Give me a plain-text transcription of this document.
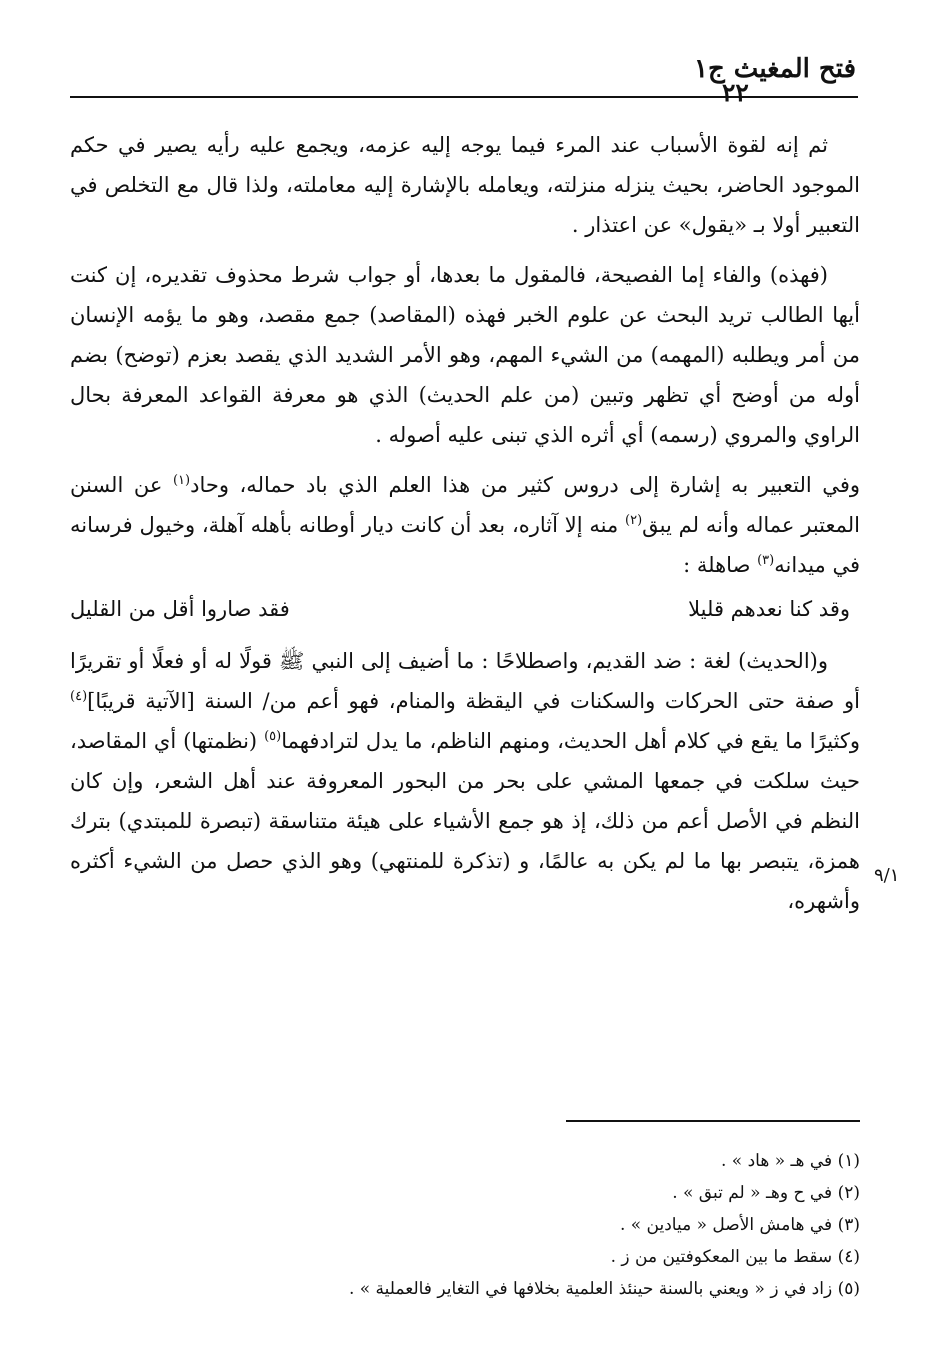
فتح المغيث ج١
٢٢

ثم إنه لقوة الأسباب عند المرء فيما يوجه إليه عزمه، ويجمع عليه رأيه يصير في حكم الموجود الحاضر، بحيث ينزله منزلته، ويعامله بالإشارة إليه معاملته، ولذا قال مع التخلص في التعبير أولا بـ «يقول» عن اعتذار .

(فهذه) والفاء إما الفصيحة، فالمقول ما بعدها، أو جواب شرط محذوف تقديره، إن كنت أيها الطالب تريد البحث عن علوم الخبر فهذه (المقاصد) جمع مقصد، وهو ما يؤمه الإنسان من أمر ويطلبه (المهمه) من الشيء المهم، وهو الأمر الشديد الذي يقصد بعزم (توضح) بضم أوله من أوضح أي تظهر وتبين (من علم الحديث) الذي هو معرفة القواعد المعرفة بحال الراوي والمروي (رسمه) أي أثره الذي تبنى عليه أصوله .

وفي التعبير به إشارة إلى دروس كثير من هذا العلم الذي باد حماله، وحاد$^{(١)}$ عن السنن المعتبر عماله وأنه لم يبق$^{(٢)}$ منه إلا آثاره، بعد أن كانت ديار أوطانه بأهله آهلة، وخيول فرسانه في ميدانه$^{(٣)}$ صاهلة :

وقد كنا نعدهم قليلا
فقد صاروا أقل من القليل

و(الحديث) لغة : ضد القديم، واصطلاحًا : ما أضيف إلى النبي ﷺ قولًا له أو فعلًا أو تقريرًا أو صفة حتى الحركات والسكنات في اليقظة والمنام، فهو أعم من/ السنة [الآتية قريبًا]$^{(٤)}$ وكثيرًا ما يقع في كلام أهل الحديث، ومنهم الناظم، ما يدل لترادفهما$^{(٥)}$ (نظمتها) أي المقاصد، حيث سلكت في جمعها المشي على بحر من البحور المعروفة عند أهل الشعر، وإن كان النظم في الأصل أعم من ذلك، إذ هو جمع الأشياء على هيئة متناسقة (تبصرة للمبتدي) بترك همزة، يتبصر بها ما لم يكن به عالمًا، و (تذكرة للمنتهي) وهو الذي حصل من الشيء أكثره وأشهره،

٩/١
(١) في هـ « هاد » .
(٢) في ح وهـ « لم تبق » .
(٣) في هامش الأصل « ميادين » .
(٤) سقط ما بين المعكوفتين من ز .
(٥) زاد في ز « ويعني بالسنة حينئذ العلمية بخلافها في التغاير فالعملية » .
